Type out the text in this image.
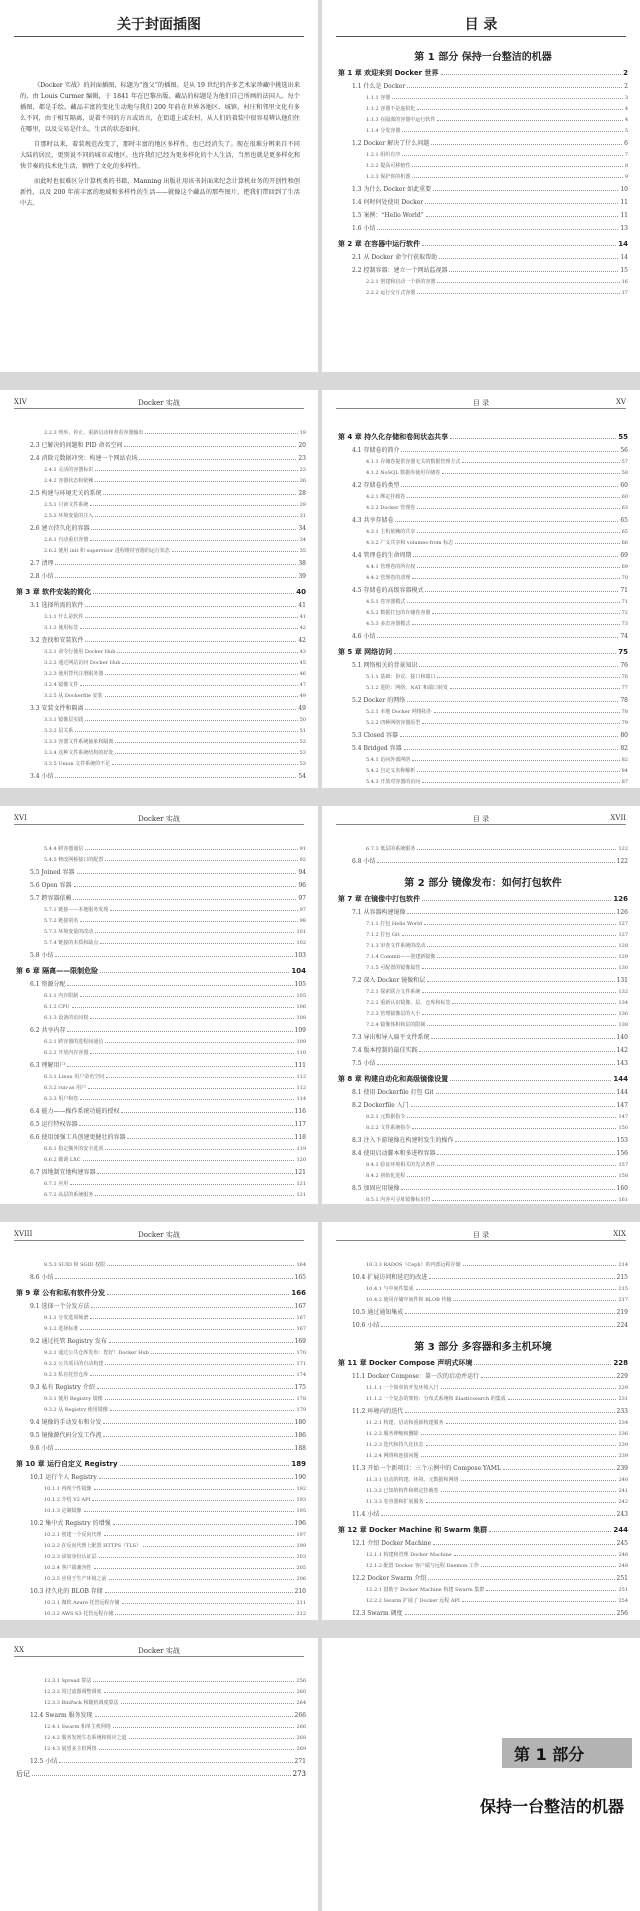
关于封面插图

《Docker 实战》的封面插图，标题为“渔父”的插图。是从 19 世纪的许多艺术家珍藏中挑选出来的，由 Louis Curmer 编辑，于 1841 年在巴黎出版。藏品的标题是为他们自己所画的法国人。每个插图，都是手绘。藏品丰富的变化生动地与我们 200 年前在世界各地区、城镇、村庄和邻里文化有多么不同，由于相互隔离，说着不同的方言或语言，在街道上或农村，从人们的着装中很容易辨认他们住在哪里，以及交易是什么，生活的状态如何。

自那时以来，着装规范改变了，那时丰富的地区多样性，也已经消失了。现在很难分辨来自不同大陆的居民，更别说不同的城市或地区。也许我们已经为更多样化的个人生活，当然也就是更多样化和快节奏的技术化生活，牺牲了文化的多样性。

而此时也很难区分计算机类的书籍，Manning 出版社用该书封面来纪念计算机业务的开创性和创新性，以及 200 年前丰富的地域和多样性的生活——就像这个藏品的那些图片，把我们带回到了生活中去。

目 录
第 1 部分 保持一台整洁的机器
第 1 章 欢迎来到 Docker 世界	2
1.1 什么是 Docker	2
1.1.1 容器	3
1.1.2 容器不是虚拟化	4
1.1.3 在隔离的容器中运行软件	4
1.1.4 分发容器	5
1.2 Docker 解决了什么问题	6
1.2.1 组织有序	7
1.2.2 提高可移植性	8
1.2.3 保护你的机器	9
1.3 为什么 Docker 如此重要	10
1.4 何时何处使用 Docker	11
1.5 案例：“Hello World”	11
1.6 小结	13
第 2 章 在容器中运行软件	14
2.1 从 Docker 命令行获取帮助	14
2.2 控制容器：建立一个网站监视器	15
2.2.1 创建和启动一个新的容器	16
2.2.2 运行交互式容器	17
XIV	Docker 实战
2.2.3 列举、停止、重新启动和查看容器输出	19
2.3 已解决的问题和 PID 命名空间	20
2.4 消除元数据冲突：构建一个网站农场	23
2.4.1 灵活的容器标识	23
2.4.2 容器状态和依赖	26
2.5 构建与环境无关的系统	28
2.5.1 只读文件系统	29
2.5.2 环境变量的注入	31
2.6 建立持久化的容器	34
2.6.1 自动重启容器	34
2.6.2 使用 init 和 supervisor 进程维持容器的运行状态	35
2.7 清理	38
2.8 小结	39
第 3 章 软件安装的简化	40
3.1 选择所需的软件	41
3.1.1 什么是软件	41
3.1.2 使用标签	42
3.2 查找和安装软件	42
3.2.1 命令行使用 Docker Hub	43
3.2.2 通过网站访问 Docker Hub	45
3.2.3 使用替代注册服务器	46
3.2.4 镜像文件	47
3.2.5 从 Dockerfile 安装	49
3.3 安装文件和隔离	49
3.3.1 镜像层实践	50
3.3.2 层关系	51
3.3.3 容器文件系统抽象和隔离	52
3.3.4 这种文件系统结构的好处	53
3.3.5 Union 文件系统的不足	53
3.4 小结	54
目 录	XV
第 4 章 持久化存储和卷间状态共享	55
4.1 存储卷的简介	56
4.1.1 存储卷提供容器无关的数据管理方式	57
4.1.2 NoSQL 数据库使用存储卷	58
4.2 存储卷的类型	60
4.2.1 绑定挂载卷	60
4.2.2 Docker 管理卷	63
4.3 共享存储卷	65
4.3.1 主机依赖的共享	65
4.3.2 广义共享和 volumes-from 标志	66
4.4 管理卷的生命周期	69
4.4.1 管理卷的所有权	69
4.4.2 管理卷的清理	70
4.5 存储卷的高级容器模式	71
4.5.1 卷容器模式	71
4.5.2 数据打包的存储卷容器	72
4.5.3 多态容器模式	73
4.6 小结	74
第 5 章 网络访问	75
5.1 网络相关的背景知识	76
5.1.1 基础：协议、接口和端口	76
5.1.2 进阶：网络、NAT 和端口转发	77
5.2 Docker 的网络	78
5.2.1 本地 Docker 网络拓扑	78
5.2.2 四种网络容器原型	79
5.3 Closed 容器	80
5.4 Bridged 容器	82
5.4.1 访问外部网络	82
5.4.2 自定义名称解析	84
5.4.3 开放对容器的访问	87
XVI	Docker 实战
5.4.4 跨容器通信	91
5.4.5 修改网桥接口的配置	92
5.5 Joined 容器	94
5.6 Open 容器	96
5.7 跨容器依赖	97
5.7.1 链接——本地服务发现	97
5.7.2 链接别名	98
5.7.3 环境变量的改动	101
5.7.4 链接的本质和缺点	102
5.8 小结	103
第 6 章 隔离——限制危险	104
6.1 资源分配	105
6.1.1 内存限制	105
6.1.2 CPU	106
6.1.3 设备的访问权	108
6.2 共享内存	109
6.2.1 跨容器的进程间通信	109
6.2.2 开放内存容器	110
6.3 理解用户	111
6.3.1 Linux 用户命名空间	112
6.3.2 run-as 用户	112
6.3.3 用户和卷	114
6.4 能力——操作系统功能的授权	116
6.5 运行特权容器	117
6.6 使用加强工具创建更健壮的容器	118
6.6.1 指定额外的安全选项	119
6.6.2 微调 LXC	120
6.7 因地制宜地构建容器	121
6.7.1 应用	121
6.7.2 高层的系统服务	121
目 录	XVII
6.7.3 低层的系统服务	122
6.8 小结	122
第 2 部分 镜像发布：如何打包软件
第 7 章 在镜像中打包软件	126
7.1 从容器构建镜像	126
7.1.1 打包 Hello World	127
7.1.2 打包 Git	127
7.1.3 审查文件系统的改动	128
7.1.4 Commit——创建新镜像	129
7.1.5 可配置的镜像属性	130
7.2 深入 Docker 镜像和层	131
7.2.1 探索联合文件系统	132
7.2.2 重新认识镜像、层、仓库和标签	134
7.2.3 管理镜像层的大小	136
7.2.4 镜像体积和层的限制	138
7.3 导出和导入扁平文件系统	140
7.4 版本控制的最佳实践	142
7.5 小结	143
第 8 章 构建自动化和高级镜像设置	144
8.1 使用 Dockerfile 打包 Git	144
8.2 Dockerfile 入门	147
8.2.1 元数据指令	147
8.2.2 文件系统指令	150
8.3 注入下游镜像在构建时发生的操作	153
8.4 使用启动脚本和多进程容器	156
8.4.1 验证环境相关的先决条件	157
8.4.2 初始化进程	158
8.5 加固应用镜像	160
8.5.1 内容可寻址镜像标识符	161
XVIII	Docker 实战
8.5.3 SUID 和 SGID 权限	164
8.6 小结	165
第 9 章 公有和私有软件分发	166
9.1 选择一个分发方法	167
9.1.1 分发选项频谱	167
9.1.2 选择标准	167
9.2 通过托管 Registry 发布	169
9.2.1 通过公共仓库发布：您好！Docker Hub	170
9.2.2 公共项目的自动构建	171
9.2.3 私有托管仓库	174
9.3 私有 Registry 介绍	175
9.3.1 使用 Registry 镜像	178
9.3.2 从 Registry 使用镜像	179
9.4 镜像的手动发布和分发	180
9.5 镜像源代码分发工作流	186
9.6 小结	188
第 10 章 运行自定义 Registry	189
10.1 运行个人 Registry	190
10.1.1 再现个性镜像	192
10.1.2 介绍 V2 API	193
10.1.3 定制镜像	195
10.2 集中式 Registry 的增强	196
10.2.1 创建一个反向代理	197
10.2.2 在反向代理上配置 HTTPS（TLS）	199
10.2.3 添加身份认证层	203
10.2.4 客户端兼容性	205
10.2.5 应用于生产环境之前	206
10.3 持久化的 BLOB 存储	210
10.3.1 微软 Azure 托管远程存储	211
10.3.2 AWS S3 托管远程存储	212
目 录	XIX
10.3.3 RADOS（Ceph）的内部远程存储	214
10.4 扩展访问和延迟的改进	215
10.4.1 与中间件集成	215
10.4.2 使用存储中间件和 BLOB 传输	217
10.5 通过通知集成	219
10.6 小结	224
第 3 部分 多容器和多主机环境
第 11 章 Docker Compose 声明式环境	228
11.1 Docker Compose：第一次的启动并运行	229
11.1.1 一个简单的开发环境入门	229
11.1.2 一个复杂的架构：分布式系统和 Elasticsearch 的集成	231
11.2 环境内的迭代	233
11.2.1 构建、启动和重新构建服务	234
11.2.2 服务伸缩和删除	236
11.2.3 迭代和持久化状态	239
11.2.4 网络和连接问题	239
11.3 开始一个新项目：三个示例中的 Compose YAML	239
11.3.1 启动的构建、环境、元数据和网络	240
11.3.2 已知的构件和绑定挂载卷	241
11.3.3 卷容器和扩展服务	242
11.4 小结	243
第 12 章 Docker Machine 和 Swarm 集群	244
12.1 介绍 Docker Machine	245
12.1.1 构建和管理 Docker Machine	246
12.1.2 配置 Docker 客户端与远程 Daemon 工作	248
12.2 Docker Swarm 介绍	251
12.2.1 借助于 Docker Machine 构建 Swarm 集群	251
12.2.2 Swarm 扩展了 Docker 远程 API	254
12.3 Swarm 调度	256
XX	Docker 实战
12.3.1 Spread 算法	256
12.3.2 用过滤器调整调度	260
12.3.3 BinPack 和随机调度算法	264
12.4 Swarm 服务发现	266
12.4.1 Swarm 和单主机网络	266
12.4.2 服务发现生态系统和相应之道	268
12.4.3 展望多主机网络	269
12.5 小结	271
后记	273
第 1 部分
保持一台整洁的机器
